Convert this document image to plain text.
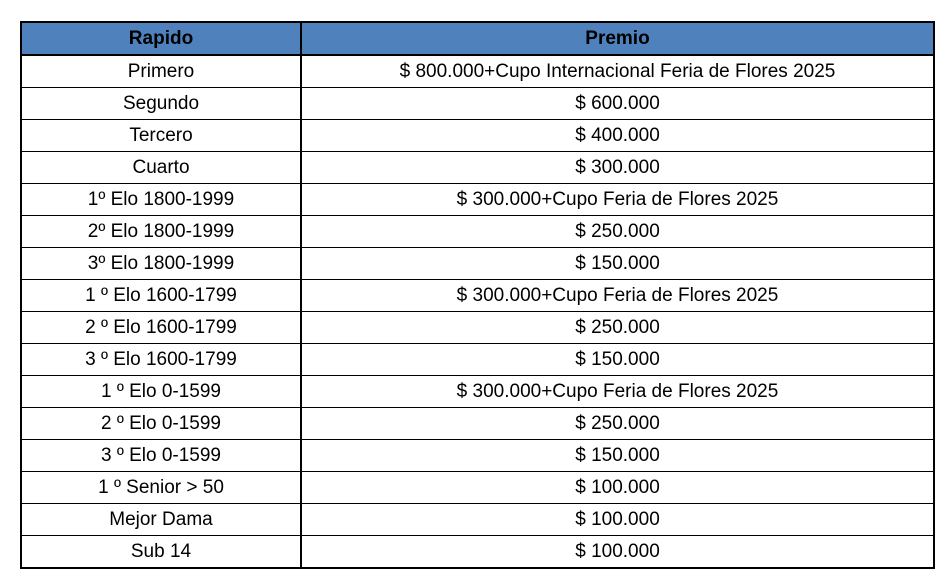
Rapido	Premio
Primero	$ 800.000+Cupo Internacional Feria de Flores 2025
Segundo	$ 600.000
Tercero	$ 400.000
Cuarto	$ 300.000
1º Elo 1800-1999	$ 300.000+Cupo Feria de Flores 2025
2º Elo 1800-1999	$ 250.000
3º Elo 1800-1999	$ 150.000
1 º Elo 1600-1799	$ 300.000+Cupo Feria de Flores 2025
2 º Elo 1600-1799	$ 250.000
3 º Elo 1600-1799	$ 150.000
1 º Elo 0-1599	$ 300.000+Cupo Feria de Flores 2025
2 º Elo 0-1599	$ 250.000
3 º Elo 0-1599	$ 150.000
1 º Senior > 50	$ 100.000
Mejor Dama	$ 100.000
Sub 14	$ 100.000
